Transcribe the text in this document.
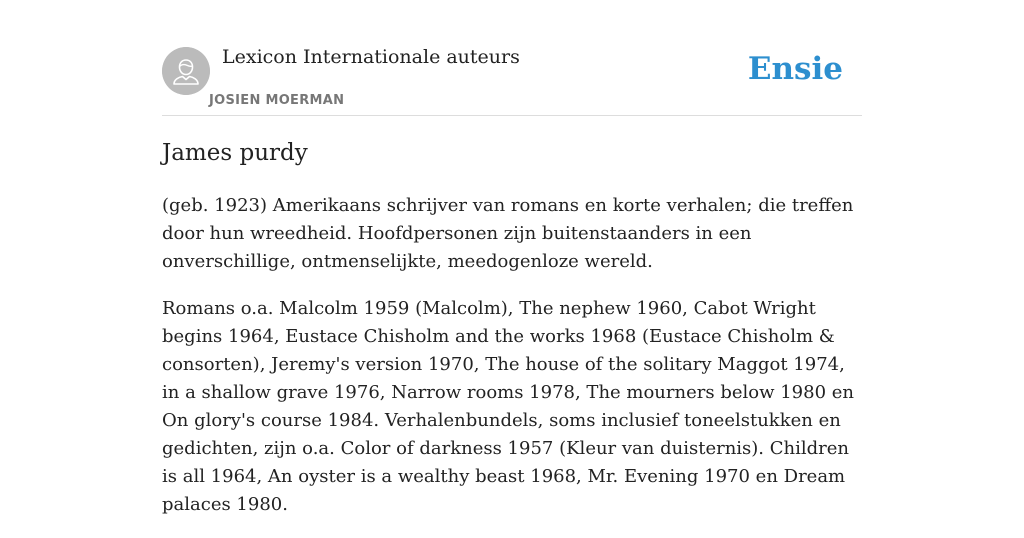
Lexicon Internationale auteurs
JOSIEN MOERMAN
Ensie
James purdy

(geb. 1923) Amerikaans schrijver van romans en korte verhalen; die treffen door hun wreedheid. Hoofdpersonen zijn buitenstaanders in een onverschillige, ontmenselijkte, meedogenloze wereld.

Romans o.a. Malcolm 1959 (Malcolm), The nephew 1960, Cabot Wright begins 1964, Eustace Chisholm and the works 1968 (Eustace Chisholm & consorten), Jeremy's version 1970, The house of the solitary Maggot 1974, in a shallow grave 1976, Narrow rooms 1978, The mourners below 1980 en On glory's course 1984. Verhalenbundels, soms inclusief toneelstukken en gedichten, zijn o.a. Color of darkness 1957 (Kleur van duisternis). Children is all 1964, An oyster is a wealthy beast 1968, Mr. Evening 1970 en Dream palaces 1980.
